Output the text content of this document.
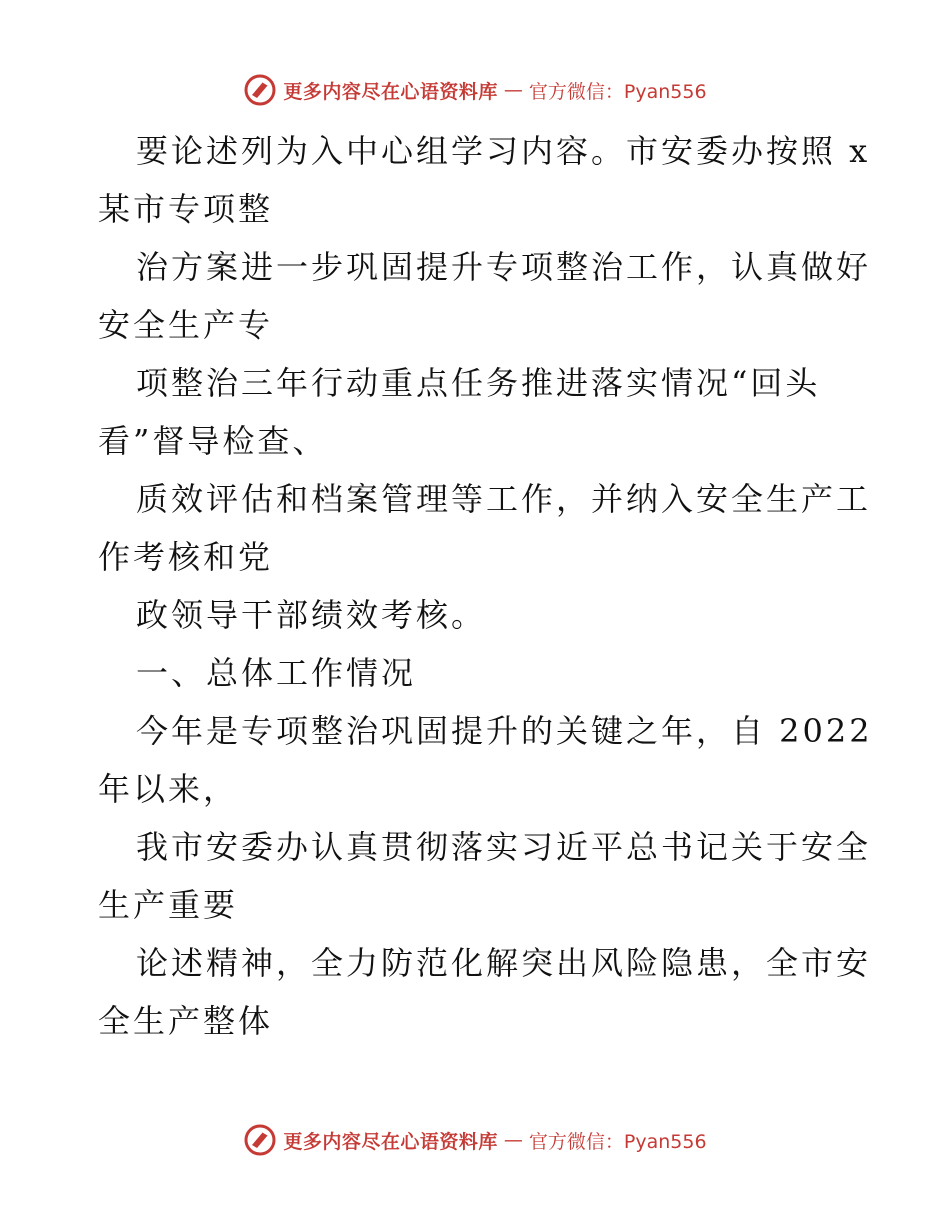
更多内容尽在心语资料库 — 官方微信：Pyan556
要论述列为入中心组学习内容。市安委办按照 x
某市专项整
治方案进一步巩固提升专项整治工作，认真做好
安全生产专
项整治三年行动重点任务推进落实情况“回头
看”督导检查、
质效评估和档案管理等工作，并纳入安全生产工
作考核和党
政领导干部绩效考核。
一、总体工作情况
今年是专项整治巩固提升的关键之年，自 2022
年以来，
我市安委办认真贯彻落实习近平总书记关于安全
生产重要
论述精神，全力防范化解突出风险隐患，全市安
全生产整体
更多内容尽在心语资料库 — 官方微信：Pyan556
